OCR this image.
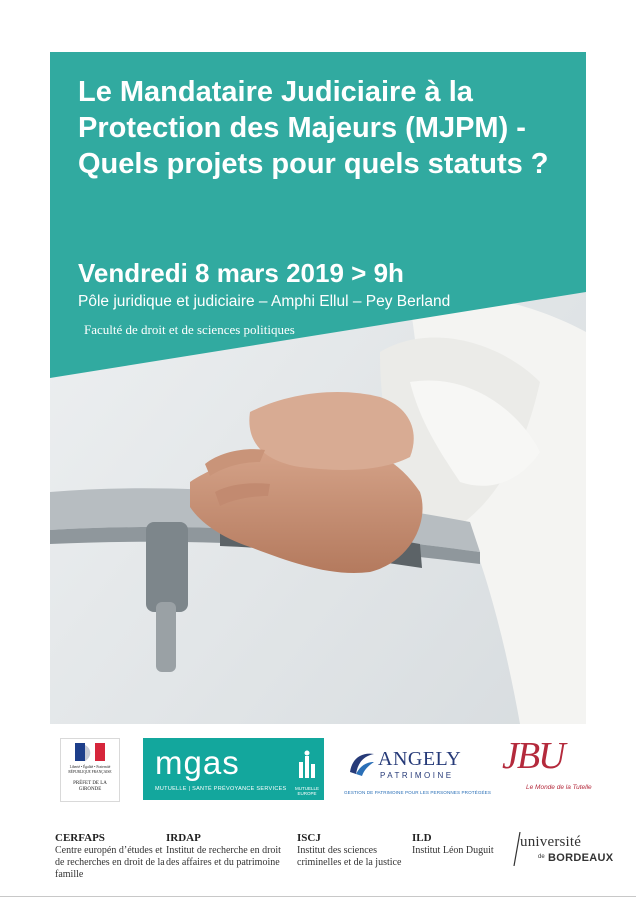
Le Mandataire Judiciaire à la Protection des Majeurs (MJPM) - Quels projets pour quels statuts ?
Vendredi 8 mars 2019 > 9h
Pôle juridique et judiciaire – Amphi Ellul – Pey Berland
Faculté de droit et de sciences politiques
Liberté • Égalité • Fraternité
RÉPUBLIQUE FRANÇAISE
PRÉFET DE LA GIRONDE
mgas
MUTUELLE | SANTÉ PRÉVOYANCE SERVICES	MUTUELLE EUROPE
ANGELY
PATRIMOINE
GESTION DE PATRIMOINE POUR LES PERSONNES PROTÉGÉES
JBU
Le Monde de la Tutelle
CERFAPS
Centre europén d’études et de recherches en droit de la famille
IRDAP
Institut de recherche en droit des affaires et du patrimoine
ISCJ
Institut des sciences criminelles et de la justice
ILD
Institut Léon Duguit
université
de BORDEAUX
